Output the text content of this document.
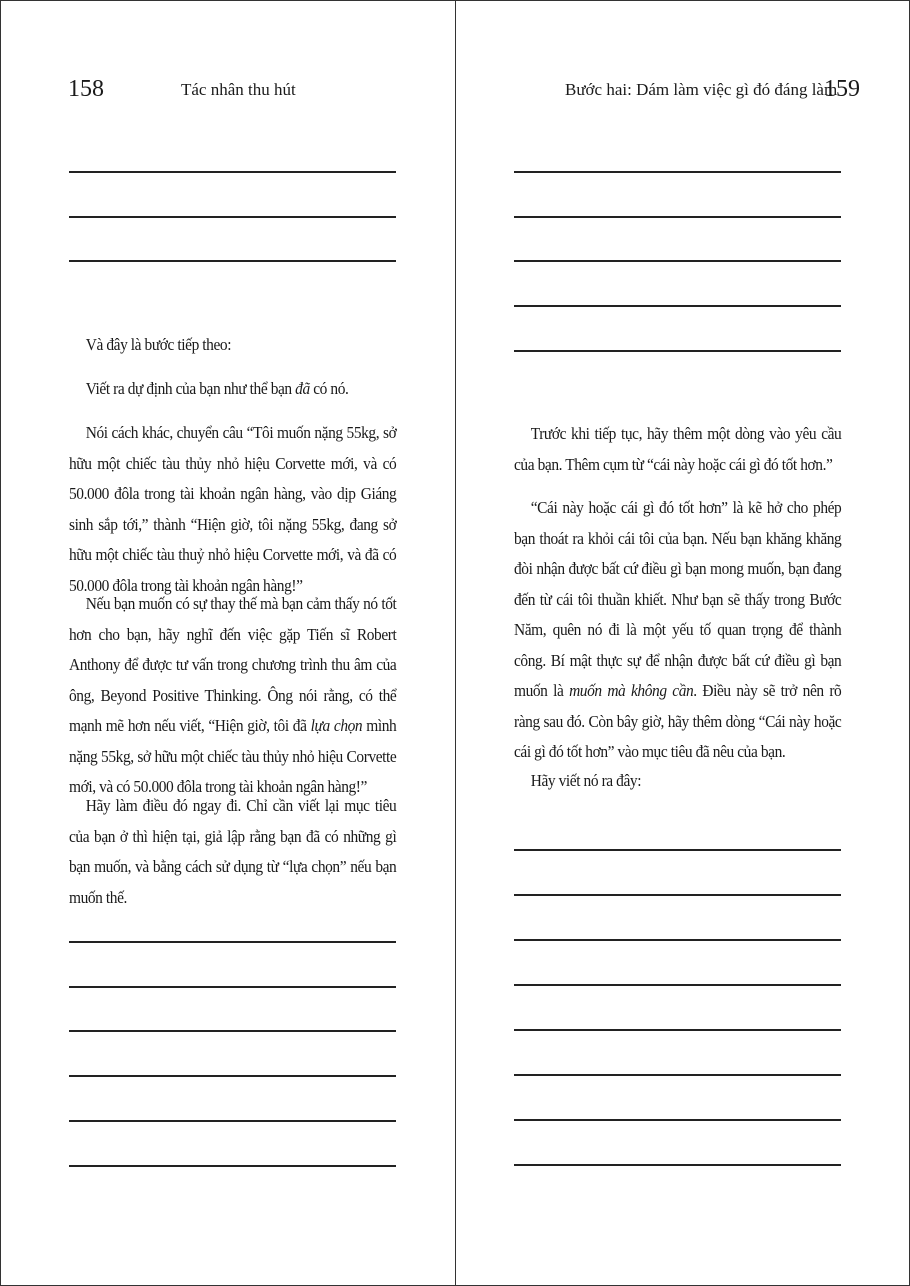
158	Tác nhân thu hút

Và đây là bước tiếp theo:

Viết ra dự định của bạn như thể bạn đã có nó.

Nói cách khác, chuyển câu “Tôi muốn nặng 55kg, sở hữu một chiếc tàu thủy nhỏ hiệu Corvette mới, và có 50.000 đôla trong tài khoản ngân hàng, vào dịp Giáng sinh sắp tới,” thành “Hiện giờ, tôi nặng 55kg, đang sở hữu một chiếc tàu thuỷ nhỏ hiệu Corvette mới, và đã có 50.000 đôla trong tài khoản ngân hàng!”

Nếu bạn muốn có sự thay thế mà bạn cảm thấy nó tốt hơn cho bạn, hãy nghĩ đến việc gặp Tiến sĩ Robert Anthony để được tư vấn trong chương trình thu âm của ông, Beyond Positive Thinking. Ông nói rằng, có thể mạnh mẽ hơn nếu viết, “Hiện giờ, tôi đã lựa chọn mình nặng 55kg, sở hữu một chiếc tàu thủy nhỏ hiệu Corvette mới, và có 50.000 đôla trong tài khoản ngân hàng!”

Hãy làm điều đó ngay đi. Chỉ cần viết lại mục tiêu của bạn ở thì hiện tại, giả lập rằng bạn đã có những gì bạn muốn, và bằng cách sử dụng từ “lựa chọn” nếu bạn muốn thế.

Bước hai: Dám làm việc gì đó đáng làm
159

Trước khi tiếp tục, hãy thêm một dòng vào yêu cầu của bạn. Thêm cụm từ “cái này hoặc cái gì đó tốt hơn.”

“Cái này hoặc cái gì đó tốt hơn” là kẽ hở cho phép bạn thoát ra khỏi cái tôi của bạn. Nếu bạn khăng khăng đòi nhận được bất cứ điều gì bạn mong muốn, bạn đang đến từ cái tôi thuần khiết. Như bạn sẽ thấy trong Bước Năm, quên nó đi là một yếu tố quan trọng để thành công. Bí mật thực sự để nhận được bất cứ điều gì bạn muốn là muốn mà không cần. Điều này sẽ trở nên rõ ràng sau đó. Còn bây giờ, hãy thêm dòng “Cái này hoặc cái gì đó tốt hơn” vào mục tiêu đã nêu của bạn.

Hãy viết nó ra đây:
